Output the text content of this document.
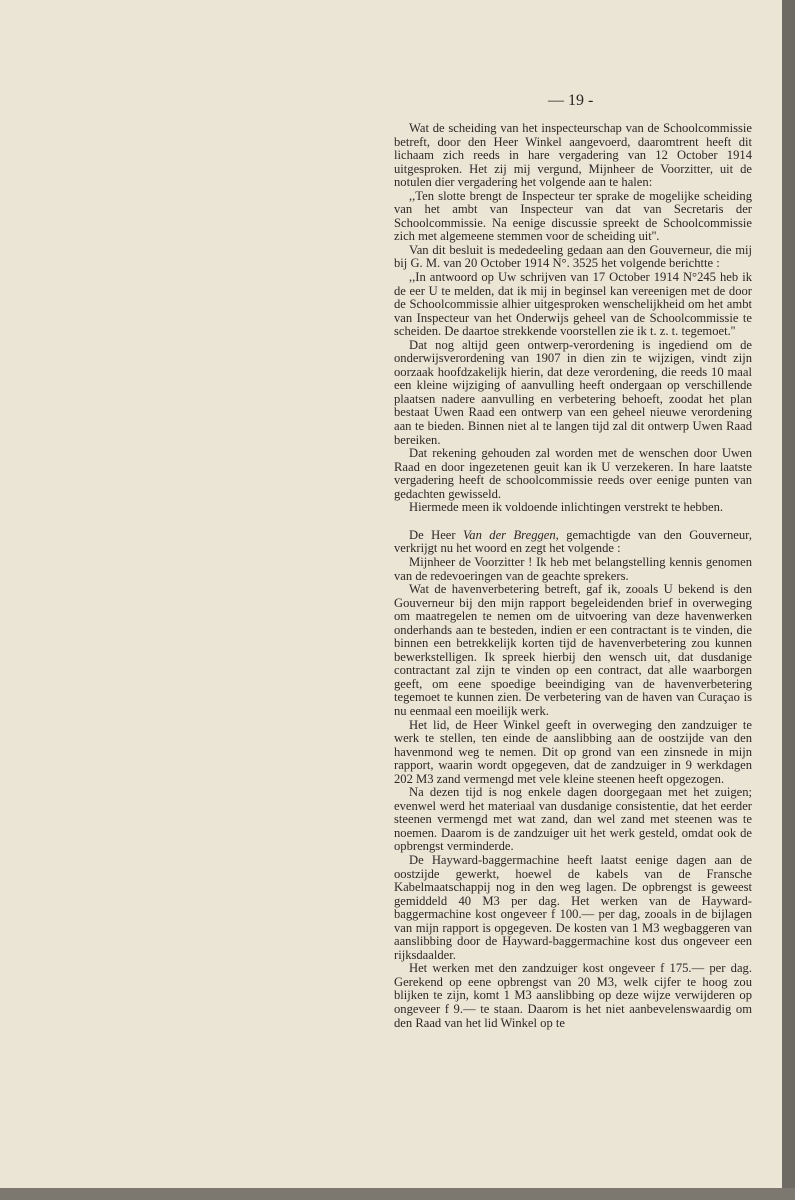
— 19 -

Wat de scheiding van het inspecteurschap van de Schoolcommissie betreft, door den Heer Winkel aangevoerd, daaromtrent heeft dit lichaam zich reeds in hare vergadering van 12 October 1914 uitgesproken. Het zij mij vergund, Mijnheer de Voorzitter, uit de notulen dier vergadering het volgende aan te halen:

,,Ten slotte brengt de Inspecteur ter sprake de mogelijke scheiding van het ambt van Inspecteur van dat van Secretaris der Schoolcommissie. Na eenige discussie spreekt de Schoolcommissie zich met algemeene stemmen voor de scheiding uit''.

Van dit besluit is mededeeling gedaan aan den Gouverneur, die mij bij G. M. van 20 October 1914 N°. 3525 het volgende berichtte :

,,In antwoord op Uw schrijven van 17 October 1914 N°245 heb ik de eer U te melden, dat ik mij in beginsel kan vereenigen met de door de Schoolcommissie alhier uitgesproken wenschelijkheid om het ambt van Inspecteur van het Onderwijs geheel van de Schoolcommissie te scheiden. De daartoe strekkende voorstellen zie ik t. z. t. tegemoet.''

Dat nog altijd geen ontwerp-verordening is ingediend om de onderwijsverordening van 1907 in dien zin te wijzigen, vindt zijn oorzaak hoofdzakelijk hierin, dat deze verordening, die reeds 10 maal een kleine wijziging of aanvulling heeft ondergaan op verschillende plaatsen nadere aanvulling en verbetering behoeft, zoodat het plan bestaat Uwen Raad een ontwerp van een geheel nieuwe verordening aan te bieden. Binnen niet al te langen tijd zal dit ontwerp Uwen Raad bereiken.

Dat rekening gehouden zal worden met de wenschen door Uwen Raad en door ingezetenen geuit kan ik U verzekeren. In hare laatste vergadering heeft de schoolcommissie reeds over eenige punten van gedachten gewisseld.

Hiermede meen ik voldoende inlichtingen verstrekt te hebben.

De Heer Van der Breggen, gemachtigde van den Gouverneur, verkrijgt nu het woord en zegt het volgende :

Mijnheer de Voorzitter ! Ik heb met belangstelling kennis genomen van de redevoeringen van de geachte sprekers.

Wat de havenverbetering betreft, gaf ik, zooals U bekend is den Gouverneur bij den mijn rapport begeleidenden brief in overweging om maatregelen te nemen om de uitvoering van deze havenwerken onderhands aan te besteden, indien er een contractant is te vinden, die binnen een betrekkelijk korten tijd de havenverbetering zou kunnen bewerkstelligen. Ik spreek hierbij den wensch uit, dat dusdanige contractant zal zijn te vinden op een contract, dat alle waarborgen geeft, om eene spoedige beeindiging van de havenverbetering tegemoet te kunnen zien. De verbetering van de haven van Curaçao is nu eenmaal een moeilijk werk.

Het lid, de Heer Winkel geeft in overweging den zandzuiger te werk te stellen, ten einde de aanslibbing aan de oostzijde van den havenmond weg te nemen. Dit op grond van een zinsnede in mijn rapport, waarin wordt opgegeven, dat de zandzuiger in 9 werkdagen 202 M3 zand vermengd met vele kleine steenen heeft opgezogen.

Na dezen tijd is nog enkele dagen doorgegaan met het zuigen; evenwel werd het materiaal van dusdanige consistentie, dat het eerder steenen vermengd met wat zand, dan wel zand met steenen was te noemen. Daarom is de zandzuiger uit het werk gesteld, omdat ook de opbrengst verminderde.

De Hayward-baggermachine heeft laatst eenige dagen aan de oostzijde gewerkt, hoewel de kabels van de Fransche Kabelmaatschappij nog in den weg lagen. De opbrengst is geweest gemiddeld 40 M3 per dag. Het werken van de Hayward-baggermachine kost ongeveer f 100.— per dag, zooals in de bijlagen van mijn rapport is opgegeven. De kosten van 1 M3 wegbaggeren van aanslibbing door de Hayward-baggermachine kost dus ongeveer een rijksdaalder.

Het werken met den zandzuiger kost ongeveer f 175.— per dag. Gerekend op eene opbrengst van 20 M3, welk cijfer te hoog zou blijken te zijn, komt 1 M3 aanslibbing op deze wijze verwijderen op ongeveer f 9.— te staan. Daarom is het niet aanbevelenswaardig om den Raad van het lid Winkel op te
